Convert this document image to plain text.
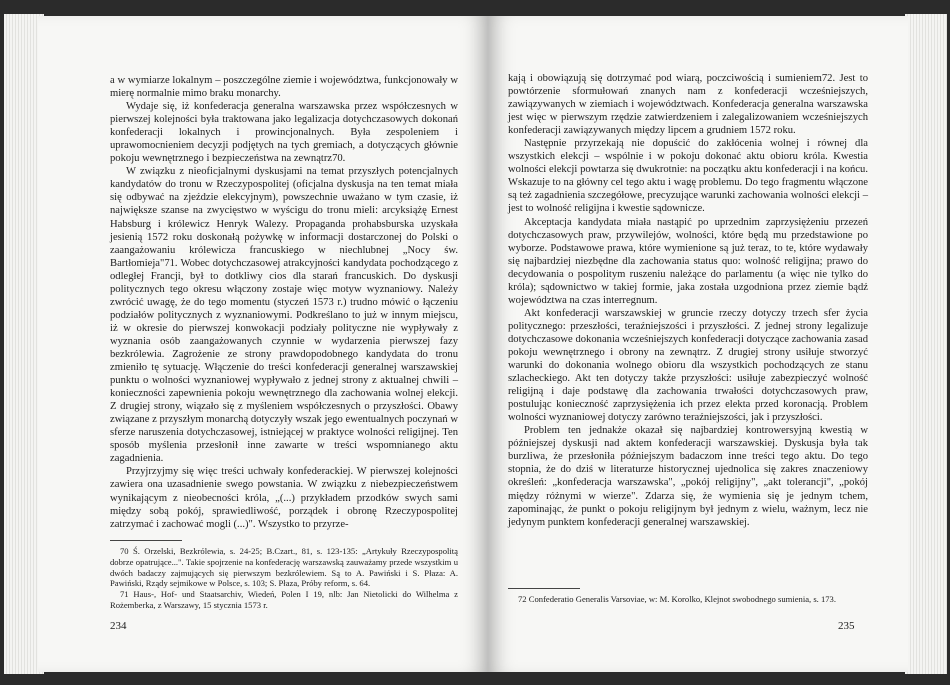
a w wymiarze lokalnym – poszczególne ziemie i województwa, funkcjonowały w mierę normalnie mimo braku monarchy.

Wydaje się, iż konfederacja generalna warszawska przez współczesnych w pierwszej kolejności była traktowana jako legalizacja dotychczasowych dokonań konfederacji lokalnych i prowincjonalnych. Była zespoleniem i uprawomocnieniem decyzji podjętych na tych gremiach, a dotyczących głównie pokoju wewnętrznego i bezpieczeństwa na zewnątrz70.

W związku z nieoficjalnymi dyskusjami na temat przyszłych potencjalnych kandydatów do tronu w Rzeczypospolitej (oficjalna dyskusja na ten temat miała się odbywać na zjeździe elekcyjnym), powszechnie uważano w tym czasie, iż największe szanse na zwycięstwo w wyścigu do tronu mieli: arcyksiążę Ernest Habsburg i królewicz Henryk Walezy. Propaganda prohabsburska uzyskała jesienią 1572 roku doskonałą pożywkę w informacji dostarczonej do Polski o zaangażowaniu królewicza francuskiego w niechlubnej „Nocy św. Bartłomieja"71. Wobec dotychczasowej atrakcyjności kandydata pochodzącego z odległej Francji, był to dotkliwy cios dla starań francuskich. Do dyskusji politycznych tego okresu włączony zostaje więc motyw wyznaniowy. Należy zwrócić uwagę, że do tego momentu (styczeń 1573 r.) trudno mówić o łączeniu podziałów politycznych z wyznaniowymi. Podkreślano to już w innym miejscu, iż w okresie do pierwszej konwokacji podziały polityczne nie wypływały z wyznania osób zaangażowanych czynnie w wydarzenia pierwszej fazy bezkrólewia. Zagrożenie ze strony prawdopodobnego kandydata do tronu zmieniło tę sytuację. Włączenie do treści konfederacji generalnej warszawskiej punktu o wolności wyznaniowej wypływało z jednej strony z aktualnej chwili – konieczności zapewnienia pokoju wewnętrznego dla zachowania wolnej elekcji. Z drugiej strony, wiązało się z myśleniem współczesnych o przyszłości. Obawy związane z przyszłym monarchą dotyczyły wszak jego ewentualnych poczynań w sferze naruszenia dotychczasowej, istniejącej w praktyce wolności religijnej. Ten sposób myślenia przesłonił inne zawarte w treści wspomnianego aktu zagadnienia.

Przyjrzyjmy się więc treści uchwały konfederackiej. W pierwszej kolejności zawiera ona uzasadnienie swego powstania. W związku z niebezpieczeństwem wynikającym z nieobecności króla, „(...) przykładem przodków swych sami między sobą pokój, sprawiedliwość, porządek i obronę Rzeczypospolitej zatrzymać i zachować mogli (...)". Wszystko to przyrze-

70 Ś. Orzelski, Bezkrólewia, s. 24-25; B.Czart., 81, s. 123-135: „Artykuły Rzeczypospolitą dobrze opatrujące...". Takie spojrzenie na konfederację warszawską zauważamy przede wszystkim u dwóch badaczy zajmujących się pierwszym bezkrólewiem. Są to A. Pawiński i S. Płaza: A. Pawiński, Rządy sejmikowe w Polsce, s. 103; S. Płaza, Próby reform, s. 64.

71 Haus-, Hof- und Staatsarchiv, Wiedeń, Polen I 19, nlb: Jan Nietolicki do Wilhelma z Rożemberka, z Warszawy, 15 stycznia 1573 r.

234

kają i obowiązują się dotrzymać pod wiarą, poczciwością i sumieniem72. Jest to powtórzenie sformułowań znanych nam z konfederacji wcześniejszych, zawiązywanych w ziemiach i województwach. Konfederacja generalna warszawska jest więc w pierwszym rzędzie zatwierdzeniem i zalegalizowaniem wcześniejszych konfederacji zawiązywanych między lipcem a grudniem 1572 roku.

Następnie przyrzekają nie dopuścić do zakłócenia wolnej i równej dla wszystkich elekcji – wspólnie i w pokoju dokonać aktu obioru króla. Kwestia wolności elekcji powtarza się dwukrotnie: na początku aktu konfederacji i na końcu. Wskazuje to na główny cel tego aktu i wagę problemu. Do tego fragmentu włączone są też zagadnienia szczegółowe, precyzujące warunki zachowania wolności elekcji – jest to wolność religijna i kwestie sądownicze.

Akceptacja kandydata miała nastąpić po uprzednim zaprzysiężeniu przezeń dotychczasowych praw, przywilejów, wolności, które będą mu przedstawione po wyborze. Podstawowe prawa, które wymienione są już teraz, to te, które wydawały się najbardziej niezbędne dla zachowania status quo: wolność religijna; prawo do decydowania o pospolitym ruszeniu należące do parlamentu (a więc nie tylko do króla); sądownictwo w takiej formie, jaka została uzgodniona przez ziemie bądź województwa na czas interregnum.

Akt konfederacji warszawskiej w gruncie rzeczy dotyczy trzech sfer życia politycznego: przeszłości, teraźniejszości i przyszłości. Z jednej strony legalizuje dotychczasowe dokonania wcześniejszych konfederacji dotyczące zachowania zasad pokoju wewnętrznego i obrony na zewnątrz. Z drugiej strony usiłuje stworzyć warunki do dokonania wolnego obioru dla wszystkich pochodzących ze stanu szlacheckiego. Akt ten dotyczy także przyszłości: usiłuje zabezpieczyć wolność religijną i daje podstawę dla zachowania trwałości dotychczasowych praw, postulując konieczność zaprzysiężenia ich przez elekta przed koronacją. Problem wolności wyznaniowej dotyczy zarówno teraźniejszości, jak i przyszłości.

Problem ten jednakże okazał się najbardziej kontrowersyjną kwestią w późniejszej dyskusji nad aktem konfederacji warszawskiej. Dyskusja była tak burzliwa, że przesłoniła późniejszym badaczom inne treści tego aktu. Do tego stopnia, że do dziś w literaturze historycznej ujednolica się zakres znaczeniowy określeń: „konfederacja warszawska", „pokój religijny", „akt tolerancji", „pokój między różnymi w wierze". Zdarza się, że wymienia się je jednym tchem, zapominając, że punkt o pokoju religijnym był jednym z wielu, ważnym, lecz nie jedynym punktem konfederacji generalnej warszawskiej.

72 Confederatio Generalis Varsoviae, w: M. Korolko, Klejnot swobodnego sumienia, s. 173.

235
